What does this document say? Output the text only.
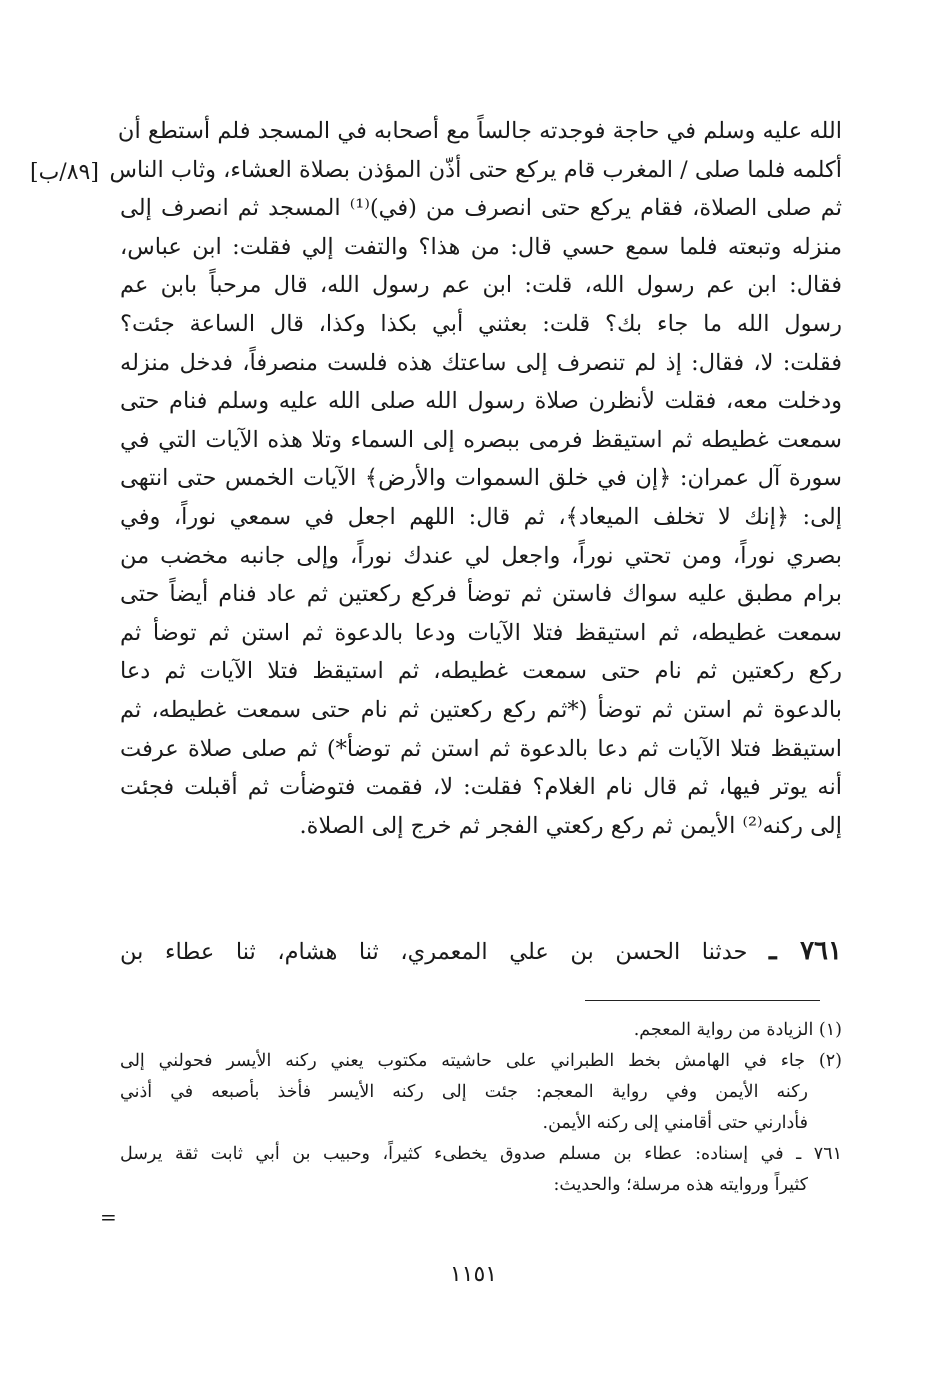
[٨٩/ب]
الله عليه وسلم في حاجة فوجدته جالساً مع أصحابه في المسجد فلم أستطع أن
أكلمه فلما صلى / المغرب قام يركع حتى أذّن المؤذن بصلاة العشاء، وثاب الناس
ثم صلى الصلاة، فقام يركع حتى انصرف من (في)⁽¹⁾ المسجد ثم انصرف إلى
منزله وتبعته فلما سمع حسي قال: من هذا؟ والتفت إلي فقلت: ابن عباس،
فقال: ابن عم رسول الله، قلت: ابن عم رسول الله، قال مرحباً بابن عم
رسول الله ما جاء بك؟ قلت: بعثني أبي بكذا وكذا، قال الساعة جئت؟
فقلت: لا، فقال: إذ لم تنصرف إلى ساعتك هذه فلست منصرفاً، فدخل منزله
ودخلت معه، فقلت لأنظرن صلاة رسول الله صلى الله عليه وسلم فنام حتى
سمعت غطيطه ثم استيقظ فرمى ببصره إلى السماء وتلا هذه الآيات التي في
سورة آل عمران: ﴿إن في خلق السموات والأرض﴾ الآيات الخمس حتى انتهى
إلى: ﴿إنك لا تخلف الميعاد﴾، ثم قال: اللهم اجعل في سمعي نوراً، وفي
بصري نوراً، ومن تحتي نوراً، واجعل لي عندك نوراً، وإلى جانبه مخضب من
برام مطبق عليه سواك فاستن ثم توضأ فركع ركعتين ثم عاد فنام أيضاً حتى
سمعت غطيطه، ثم استيقظ فتلا الآيات ودعا بالدعوة ثم استن ثم توضأ ثم
ركع ركعتين ثم نام حتى سمعت غطيطه، ثم استيقظ فتلا الآيات ثم دعا
بالدعوة ثم استن ثم توضأ (*ثم ركع ركعتين ثم نام حتى سمعت غطيطه، ثم
استيقظ فتلا الآيات ثم دعا بالدعوة ثم استن ثم توضأ*) ثم صلى صلاة عرفت
أنه يوتر فيها، ثم قال نام الغلام؟ فقلت: لا، فقمت فتوضأت ثم أقبلت فجئت
إلى ركنه⁽²⁾ الأيمن ثم ركع ركعتي الفجر ثم خرج إلى الصلاة.
٧٦١ ـ حدثنا الحسن بن علي المعمري، ثنا هشام، ثنا عطاء بن
(١) الزيادة من رواية المعجم.
(٢) جاء في الهامش بخط الطبراني على حاشيته مكتوب يعني ركنه الأيسر فحولني إلى
ركنه الأيمن وفي رواية المعجم: جئت إلى ركنه الأيسر فأخذ بأصبعه في أذني
فأدارني حتى أقامني إلى ركنه الأيمن.
٧٦١ ـ في إسناده: عطاء بن مسلم صدوق يخطىء كثيراً، وحبيب بن أبي ثابت ثقة يرسل
كثيراً وروايته هذه مرسلة؛ والحديث:
=
١١٥١
